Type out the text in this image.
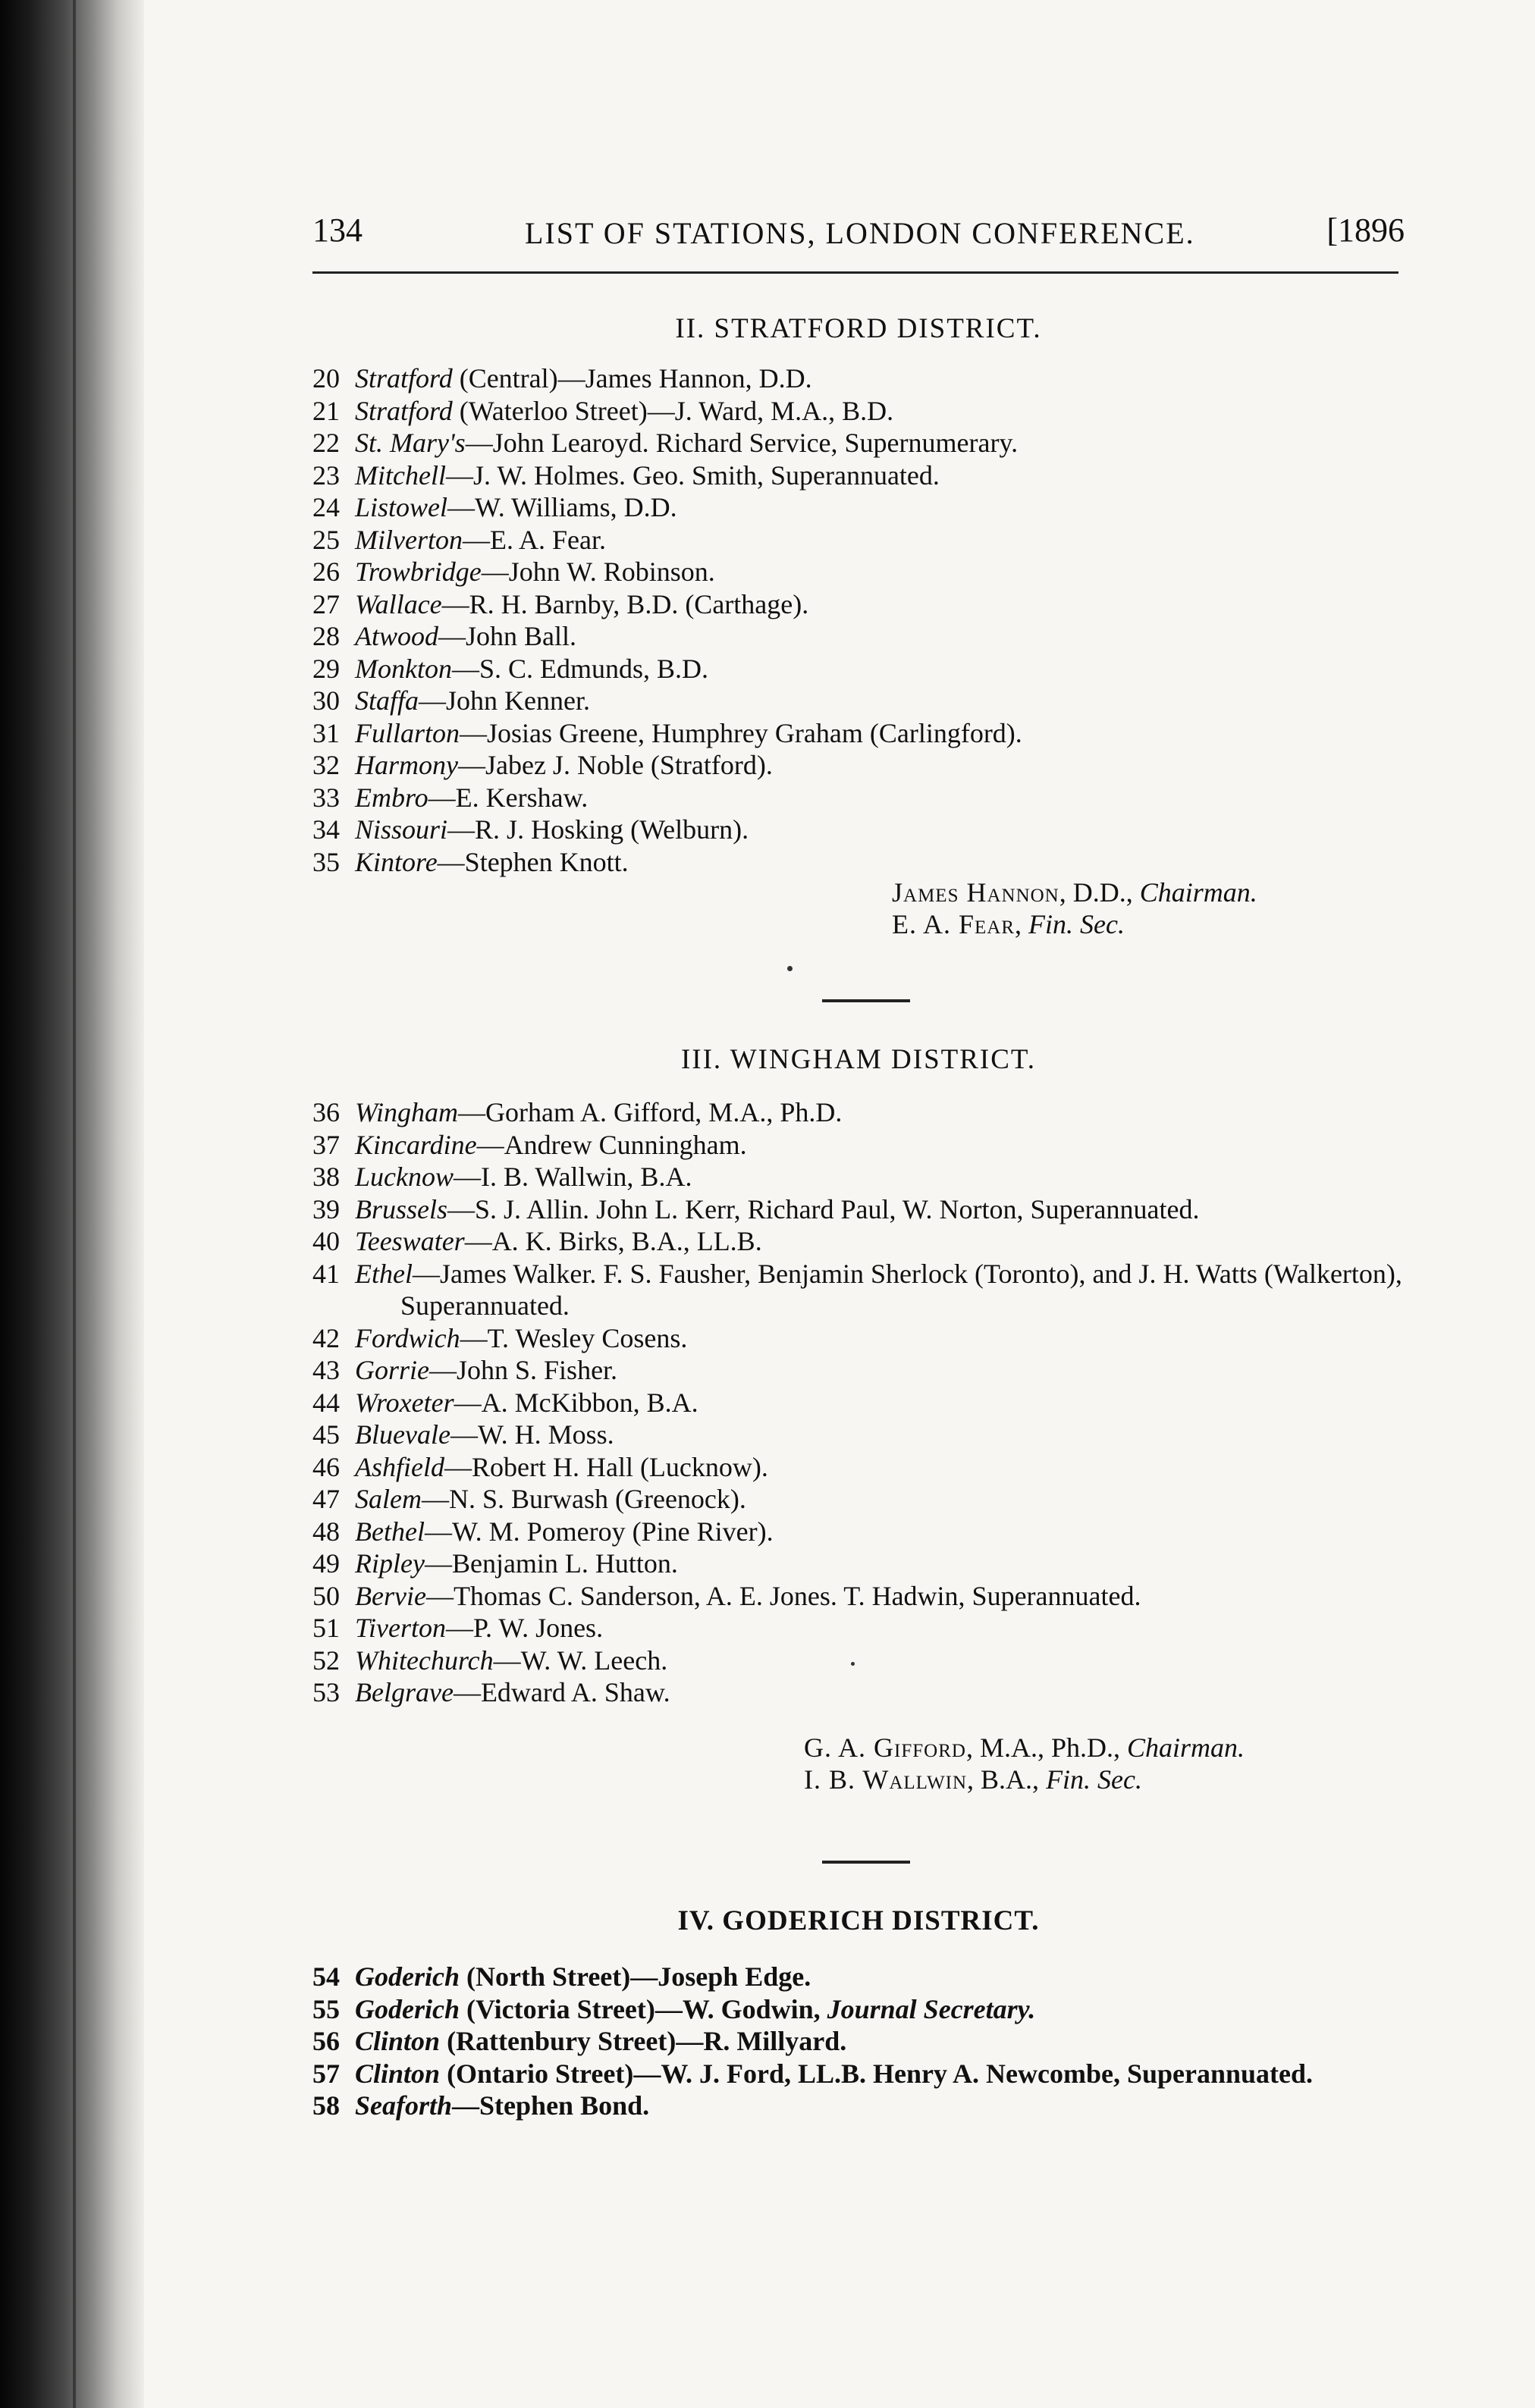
134	LIST OF STATIONS, LONDON CONFERENCE.	[1896
II. STRATFORD DISTRICT.
20 Stratford (Central)—James Hannon, D.D.
21 Stratford (Waterloo Street)—J. Ward, M.A., B.D.
22 St. Mary's—John Learoyd. Richard Service, Supernumerary.
23 Mitchell—J. W. Holmes. Geo. Smith, Superannuated.
24 Listowel—W. Williams, D.D.
25 Milverton—E. A. Fear.
26 Trowbridge—John W. Robinson.
27 Wallace—R. H. Barnby, B.D. (Carthage).
28 Atwood—John Ball.
29 Monkton—S. C. Edmunds, B.D.
30 Staffa—John Kenner.
31 Fullarton—Josias Greene, Humphrey Graham (Carlingford).
32 Harmony—Jabez J. Noble (Stratford).
33 Embro—E. Kershaw.
34 Nissouri—R. J. Hosking (Welburn).
35 Kintore—Stephen Knott.
James Hannon, D.D., Chairman.
E. A. Fear, Fin. Sec.
III. WINGHAM DISTRICT.
36 Wingham—Gorham A. Gifford, M.A., Ph.D.
37 Kincardine—Andrew Cunningham.
38 Lucknow—I. B. Wallwin, B.A.
39 Brussels—S. J. Allin. John L. Kerr, Richard Paul, W. Norton, Superannuated.
40 Teeswater—A. K. Birks, B.A., LL.B.
41 Ethel—James Walker. F. S. Fausher, Benjamin Sherlock (Toronto), and J. H. Watts (Walkerton), Superannuated.
42 Fordwich—T. Wesley Cosens.
43 Gorrie—John S. Fisher.
44 Wroxeter—A. McKibbon, B.A.
45 Bluevale—W. H. Moss.
46 Ashfield—Robert H. Hall (Lucknow).
47 Salem—N. S. Burwash (Greenock).
48 Bethel—W. M. Pomeroy (Pine River).
49 Ripley—Benjamin L. Hutton.
50 Bervie—Thomas C. Sanderson, A. E. Jones. T. Hadwin, Superannuated.
51 Tiverton—P. W. Jones.
52 Whitechurch—W. W. Leech.
53 Belgrave—Edward A. Shaw.
G. A. Gifford, M.A., Ph.D., Chairman.
I. B. Wallwin, B.A., Fin. Sec.
IV. GODERICH DISTRICT.
54 Goderich (North Street)—Joseph Edge.
55 Goderich (Victoria Street)—W. Godwin, Journal Secretary.
56 Clinton (Rattenbury Street)—R. Millyard.
57 Clinton (Ontario Street)—W. J. Ford, LL.B. Henry A. Newcombe, Superannuated.
58 Seaforth—Stephen Bond.
